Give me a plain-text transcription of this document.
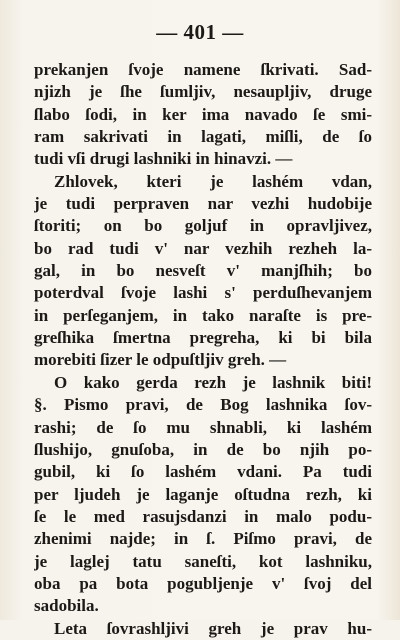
— 401 —
prekanjen ſvoje namene ſkrivati. Sad-
njizh je ſhe ſumljiv, nesaupljiv, druge
ſlabo ſodi, in ker ima navado ſe smi-
ram sakrivati in lagati, miſli, de ſo
tudi vſi drugi lashniki in hinavzi. —
Zhlovek, kteri je lashém vdan,
je tudi perpraven nar vezhi hudobije
ſtoriti; on bo goljuf in opravljivez,
bo rad tudi v' nar vezhih rezheh la-
gal, in bo nesveſt v' manjſhih; bo
poterdval ſvoje lashi s' perduſhevanjem
in perſeganjem, in tako naraſte is pre-
greſhika ſmertna pregreha, ki bi bila
morebiti ſizer le odpuſtljiv greh. —
O kako gerda rezh je lashnik biti!
§. Pismo pravi, de Bog lashnika ſov-
rashi; de ſo mu shnabli, ki lashém
ſlushijo, gnuſoba, in de bo njih po-
gubil, ki ſo lashém vdani. Pa tudi
per ljudeh je laganje oſtudna rezh, ki
ſe le med rasujsdanzi in malo podu-
zhenimi najde; in ſ. Piſmo pravi, de
je laglej tatu saneſti, kot lashniku,
oba pa bota pogubljenje v' ſvoj del
sadobila.
Leta ſovrashljivi greh je prav hu-
